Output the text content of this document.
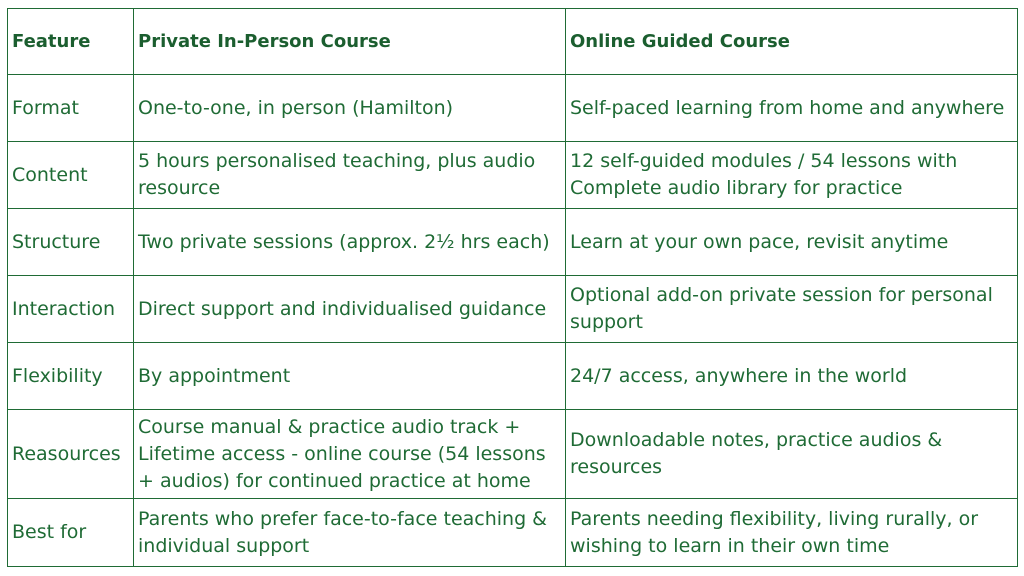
Feature	Private In-Person Course	Online Guided Course
Format	One-to-one, in person (Hamilton)	Self-paced learning from home and anywhere
Content	5 hours personalised teaching, plus audio resource	12 self-guided modules / 54 lessons with Complete audio library for practice
Structure	Two private sessions (approx. 2½ hrs each)	Learn at your own pace, revisit anytime
Interaction	Direct support and individualised guidance	Optional add-on private session for personal support
Flexibility	By appointment	24/7 access, anywhere in the world
Reasources	Course manual & practice audio track + Lifetime access - online course (54 lessons + audios) for continued practice at home	Downloadable notes, practice audios & resources
Best for	Parents who prefer face-to-face teaching & individual support	Parents needing flexibility, living rurally, or wishing to learn in their own time
